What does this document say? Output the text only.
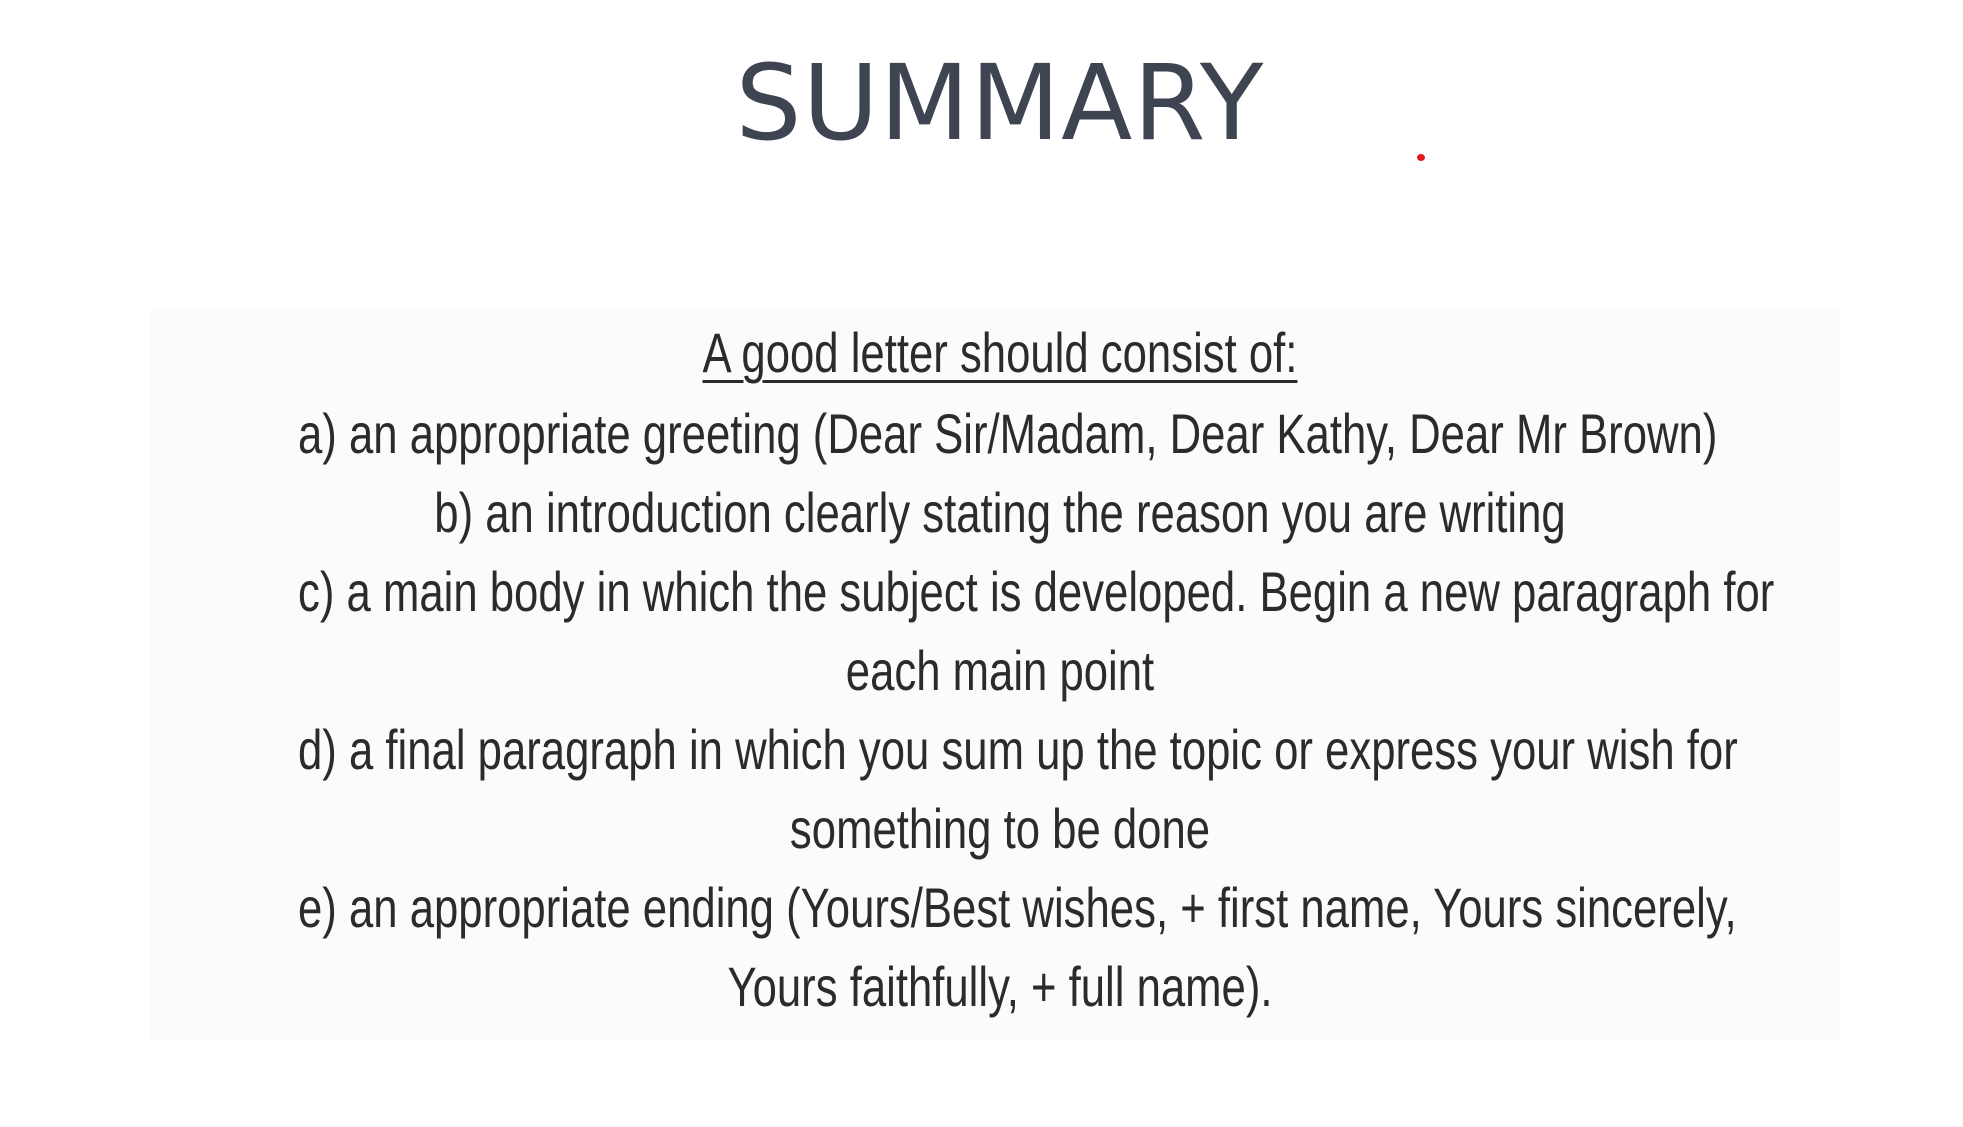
SUMMARY
A good letter should consist of:
a) an appropriate greeting (Dear Sir/Madam, Dear Kathy, Dear Mr Brown)
b) an introduction clearly stating the reason you are writing
c) a main body in which the subject is developed. Begin a new paragraph for
each main point
d) a final paragraph in which you sum up the topic or express your wish for
something to be done
e) an appropriate ending (Yours/Best wishes, + first name, Yours sincerely,
Yours faithfully, + full name).
